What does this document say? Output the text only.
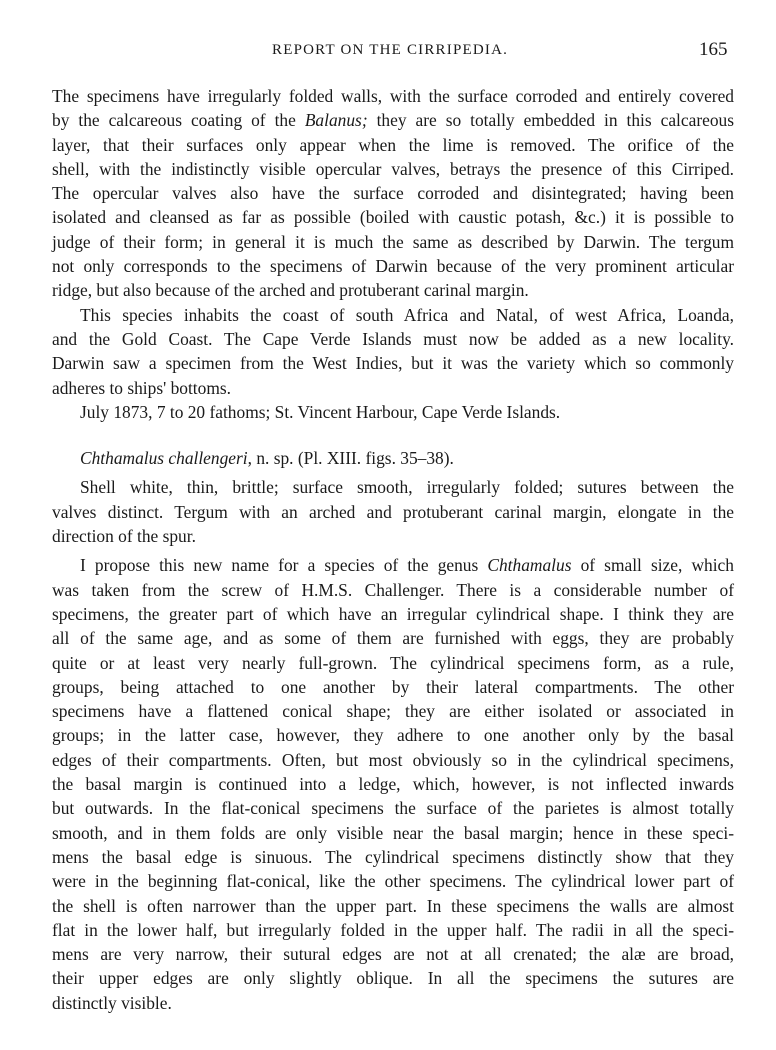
REPORT ON THE CIRRIPEDIA.	165
The specimens have irregularly folded walls, with the surface corroded and entirely covered
by the calcareous coating of the Balanus; they are so totally embedded in this calcareous
layer, that their surfaces only appear when the lime is removed. The orifice of the
shell, with the indistinctly visible opercular valves, betrays the presence of this Cirriped.
The opercular valves also have the surface corroded and disintegrated; having been
isolated and cleansed as far as possible (boiled with caustic potash, &c.) it is possible to
judge of their form; in general it is much the same as described by Darwin. The tergum
not only corresponds to the specimens of Darwin because of the very prominent articular
ridge, but also because of the arched and protuberant carinal margin.
This species inhabits the coast of south Africa and Natal, of west Africa, Loanda,
and the Gold Coast. The Cape Verde Islands must now be added as a new locality.
Darwin saw a specimen from the West Indies, but it was the variety which so commonly
adheres to ships' bottoms.
July 1873, 7 to 20 fathoms; St. Vincent Harbour, Cape Verde Islands.
Chthamalus challengeri, n. sp. (Pl. XIII. figs. 35–38).
Shell white, thin, brittle; surface smooth, irregularly folded; sutures between the
valves distinct. Tergum with an arched and protuberant carinal margin, elongate in the
direction of the spur.
I propose this new name for a species of the genus Chthamalus of small size, which
was taken from the screw of H.M.S. Challenger. There is a considerable number of
specimens, the greater part of which have an irregular cylindrical shape. I think they are
all of the same age, and as some of them are furnished with eggs, they are probably
quite or at least very nearly full-grown. The cylindrical specimens form, as a rule,
groups, being attached to one another by their lateral compartments. The other
specimens have a flattened conical shape; they are either isolated or associated in
groups; in the latter case, however, they adhere to one another only by the basal
edges of their compartments. Often, but most obviously so in the cylindrical specimens,
the basal margin is continued into a ledge, which, however, is not inflected inwards
but outwards. In the flat-conical specimens the surface of the parietes is almost totally
smooth, and in them folds are only visible near the basal margin; hence in these speci-
mens the basal edge is sinuous. The cylindrical specimens distinctly show that they
were in the beginning flat-conical, like the other specimens. The cylindrical lower part of
the shell is often narrower than the upper part. In these specimens the walls are almost
flat in the lower half, but irregularly folded in the upper half. The radii in all the speci-
mens are very narrow, their sutural edges are not at all crenated; the alæ are broad,
their upper edges are only slightly oblique. In all the specimens the sutures are
distinctly visible.
